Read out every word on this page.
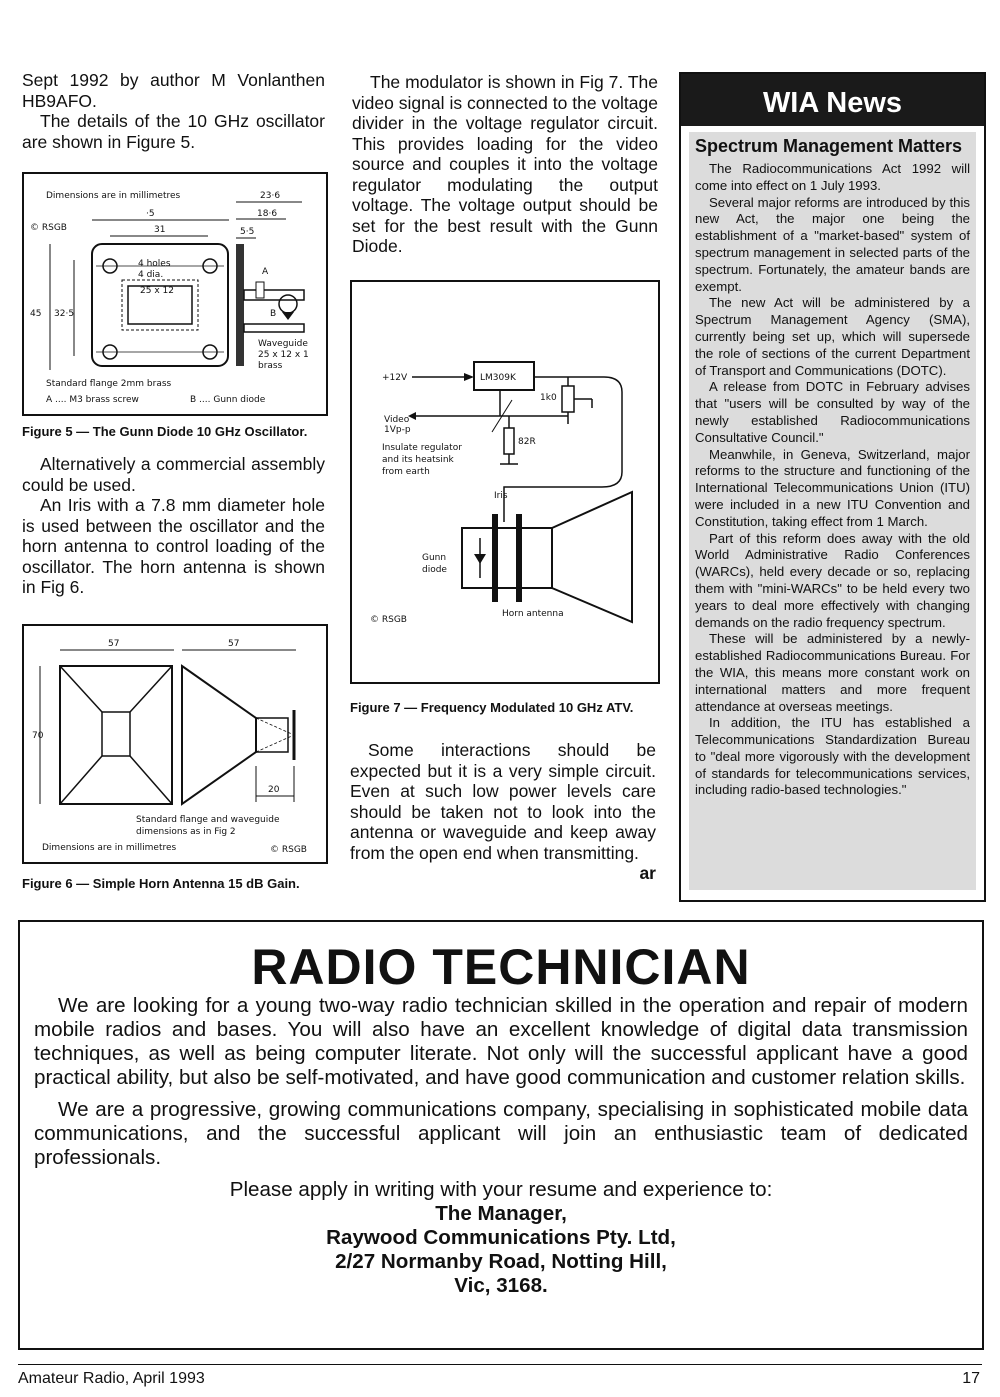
Sept 1992 by author M Vonlanthen HB9AFO.

The details of the 10 GHz oscillator are shown in Figure 5.

Dimensions are in millimetres
© RSGB
23·6
18·6
·5
31	5·5
4 holes
4 dia.
25 x 12
45 32·5
A
B
Waveguide
25 x 12 x 1
brass
Standard flange 2mm brass
A .... M3 brass screw	B .... Gunn diode

Figure 5 — The Gunn Diode 10 GHz Oscillator.

Alternatively a commercial assembly could be used.

An Iris with a 7.8 mm diameter hole is used between the oscillator and the horn antenna to control loading of the oscillator. The horn antenna is shown in Fig 6.

57	57
70
20
Standard flange and waveguide
dimensions as in Fig 2
Dimensions are in millimetres	© RSGB

Figure 6 — Simple Horn Antenna 15 dB Gain.

The modulator is shown in Fig 7. The video signal is connected to the voltage divider in the voltage regulator circuit. This provides loading for the video source and couples it into the voltage regulator modulating the output voltage. The voltage output should be set for the best result with the Gunn Diode.

+12V	LM309K
1k0
Video
1Vp-p
Insulate regulator
and its heatsink
from earth
82R
Iris
Gunn
diode
Horn antenna
© RSGB

Figure 7 — Frequency Modulated 10 GHz ATV.

Some interactions should be expected but it is a very simple circuit. Even at such low power levels care should be taken not to look into the antenna or waveguide and keep away from the open end when transmitting.

ar

WIA News

Spectrum Management Matters

The Radiocommunications Act 1992 will come into effect on 1 July 1993.

Several major reforms are introduced by this new Act, the major one being the establishment of a "market-based" system of spectrum management in selected parts of the spectrum. Fortunately, the amateur bands are exempt.

The new Act will be administered by a Spectrum Management Agency (SMA), currently being set up, which will supersede the role of sections of the current Department of Transport and Communications (DOTC).

A release from DOTC in February advises that "users will be consulted by way of the newly established Radiocommunications Consultative Council."

Meanwhile, in Geneva, Switzerland, major reforms to the structure and functioning of the International Telecommunications Union (ITU) were included in a new ITU Convention and Constitution, taking effect from 1 March.

Part of this reform does away with the old World Administrative Radio Conferences (WARCs), held every decade or so, replacing them with "mini-WARCs" to be held every two years to deal more effectively with changing demands on the radio frequency spectrum.

These will be administered by a newly-established Radiocommunications Bureau. For the WIA, this means more constant work on international matters and more frequent attendance at overseas meetings.

In addition, the ITU has established a Telecommunications Standardization Bureau to "deal more vigorously with the development of standards for telecommunications services, including radio-based technologies."

RADIO TECHNICIAN

We are looking for a young two-way radio technician skilled in the operation and repair of modern mobile radios and bases. You will also have an excellent knowledge of digital data transmission techniques, as well as being computer literate. Not only will the successful applicant have a good practical ability, but also be self-motivated, and have good communication and customer relation skills.

We are a progressive, growing communications company, specialising in sophisticated mobile data communications, and the successful applicant will join an enthusiastic team of dedicated professionals.

Please apply in writing with your resume and experience to:

The Manager,

Raywood Communications Pty. Ltd,

2/27 Normanby Road, Notting Hill,

Vic, 3168.

Amateur Radio, April 1993	17
